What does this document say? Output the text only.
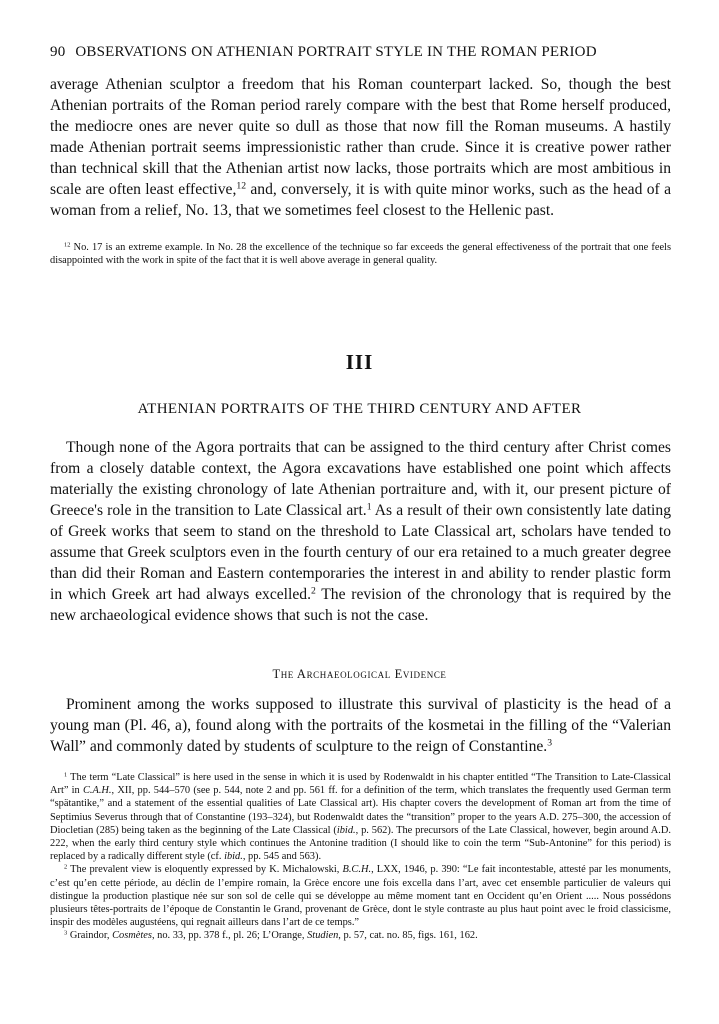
90 OBSERVATIONS ON ATHENIAN PORTRAIT STYLE IN THE ROMAN PERIOD

average Athenian sculptor a freedom that his Roman counterpart lacked. So, though the best Athenian portraits of the Roman period rarely compare with the best that Rome herself produced, the mediocre ones are never quite so dull as those that now fill the Roman museums. A hastily made Athenian portrait seems impressionistic rather than crude. Since it is creative power rather than technical skill that the Athenian artist now lacks, those portraits which are most ambitious in scale are often least effective,$^{12}$ and, conversely, it is with quite minor works, such as the head of a woman from a relief, No. 13, that we sometimes feel closest to the Hellenic past.

$^{12}$ No. 17 is an extreme example. In No. 28 the excellence of the technique so far exceeds the general effectiveness of the portrait that one feels disappointed with the work in spite of the fact that it is well above average in general quality.

III
ATHENIAN PORTRAITS OF THE THIRD CENTURY AND AFTER

Though none of the Agora portraits that can be assigned to the third century after Christ comes from a closely datable context, the Agora excavations have established one point which affects materially the existing chronology of late Athenian portraiture and, with it, our present picture of Greece's role in the transition to Late Classical art.$^1$ As a result of their own consistently late dating of Greek works that seem to stand on the threshold to Late Classical art, scholars have tended to assume that Greek sculptors even in the fourth century of our era retained to a much greater degree than did their Roman and Eastern contemporaries the interest in and ability to render plastic form in which Greek art had always excelled.$^2$ The revision of the chronology that is required by the new archaeological evidence shows that such is not the case.

The Archaeological Evidence

Prominent among the works supposed to illustrate this survival of plasticity is the head of a young man (Pl. 46, a), found along with the portraits of the kosmetai in the filling of the “Valerian Wall” and commonly dated by students of sculpture to the reign of Constantine.$^3$

$^1$ The term “Late Classical” is here used in the sense in which it is used by Rodenwaldt in his chapter entitled “The Transition to Late-Classical Art” in C.A.H., XII, pp. 544–570 (see p. 544, note 2 and pp. 561 ff. for a definition of the term, which translates the frequently used German term “spätantike,” and a statement of the essential qualities of Late Classical art). His chapter covers the development of Roman art from the time of Septimius Severus through that of Constantine (193–324), but Rodenwaldt dates the “transition” proper to the years A.D. 275–300, the accession of Diocletian (285) being taken as the beginning of the Late Classical (ibid., p. 562). The precursors of the Late Classical, however, begin around A.D. 222, when the early third century style which continues the Antonine tradition (I should like to coin the term “Sub-Antonine” for this period) is replaced by a radically different style (cf. ibid., pp. 545 and 563).

$^2$ The prevalent view is eloquently expressed by K. Michalowski, B.C.H., LXX, 1946, p. 390: “Le fait incontestable, attesté par les monuments, c’est qu’en cette période, au déclin de l’empire romain, la Grèce encore une fois excella dans l’art, avec cet ensemble particulier de valeurs qui distingue la production plastique née sur son sol de celle qui se développe au même moment tant en Occident qu’en Orient ..... Nous possédons plusieurs têtes-portraits de l’époque de Constantin le Grand, provenant de Grèce, dont le style contraste au plus haut point avec le froid classicisme, inspir des modèles augustéens, qui regnait ailleurs dans l’art de ce temps.”

$^3$ Graindor, Cosmètes, no. 33, pp. 378 f., pl. 26; L’Orange, Studien, p. 57, cat. no. 85, figs. 161, 162.
